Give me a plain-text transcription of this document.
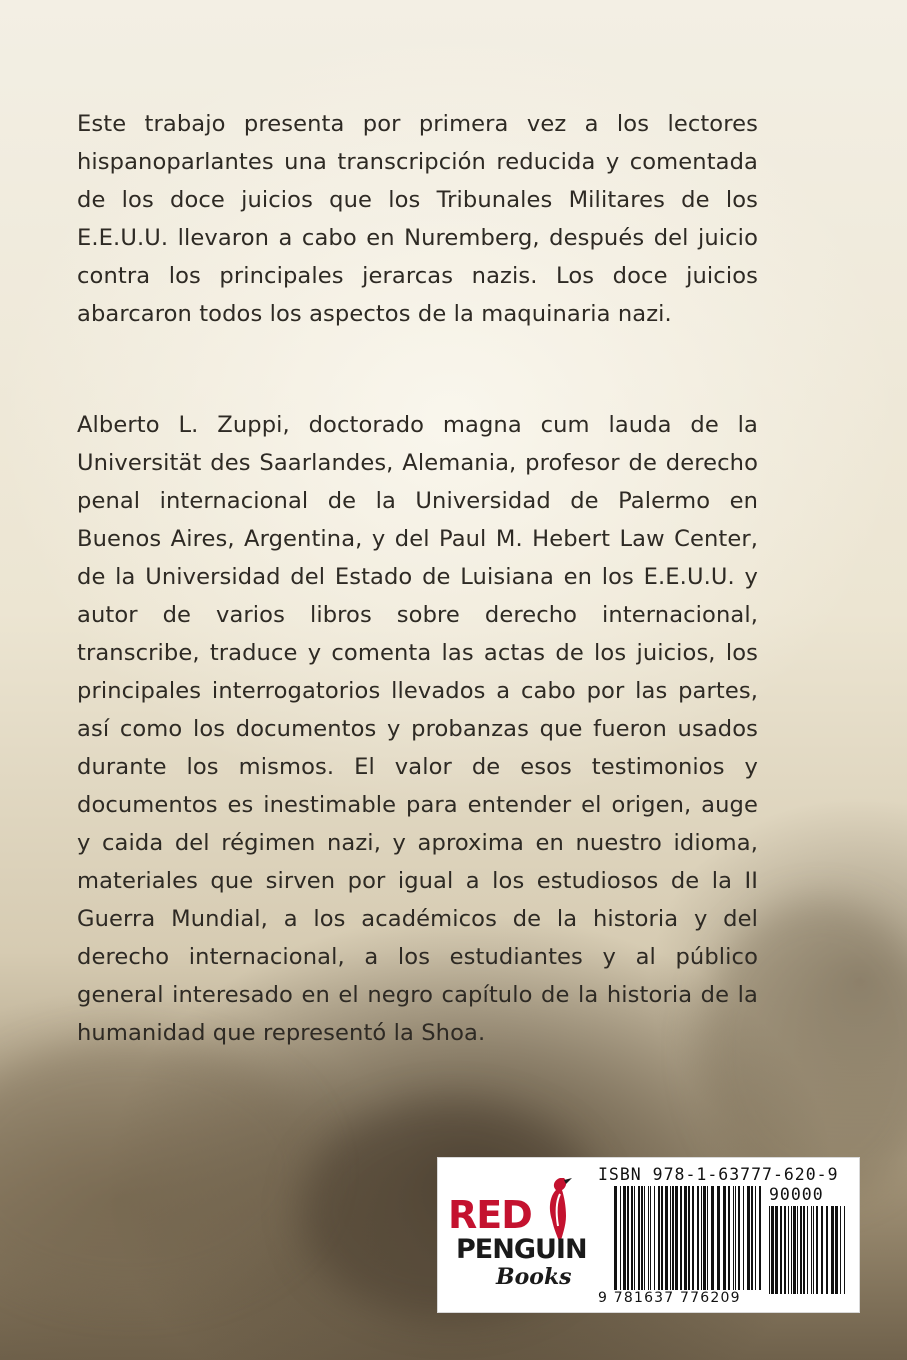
Este trabajo presenta por primera vez a los lectores hispanoparlantes una transcripción reducida y comentada de los doce juicios que los Tribunales Militares de los E.E.U.U. llevaron a cabo en Nuremberg, después del juicio contra los principales jerarcas nazis. Los doce juicios abarcaron todos los aspectos de la maquinaria nazi.

Alberto L. Zuppi, doctorado magna cum lauda de la Universität des Saarlandes, Alemania, profesor de derecho penal internacional de la Universidad de Palermo en Buenos Aires, Argentina, y del Paul M. Hebert Law Center, de la Universidad del Estado de Luisiana en los E.E.U.U. y autor de varios libros sobre derecho internacional, transcribe, traduce y comenta las actas de los juicios, los principales interrogatorios llevados a cabo por las partes, así como los documentos y probanzas que fueron usados durante los mismos. El valor de esos testimonios y documentos es inestimable para entender el origen, auge y caida del régimen nazi, y aproxima en nuestro idioma, materiales que sirven por igual a los estudiosos de la II Guerra Mundial, a los académicos de la historia y del derecho internacional, a los estudiantes y al público general interesado en el negro capítulo de la historia de la humanidad que representó la Shoa.

RED
PENGUIN
Books
ISBN 978-1-63777-620-9
90000
9 781637 776209
